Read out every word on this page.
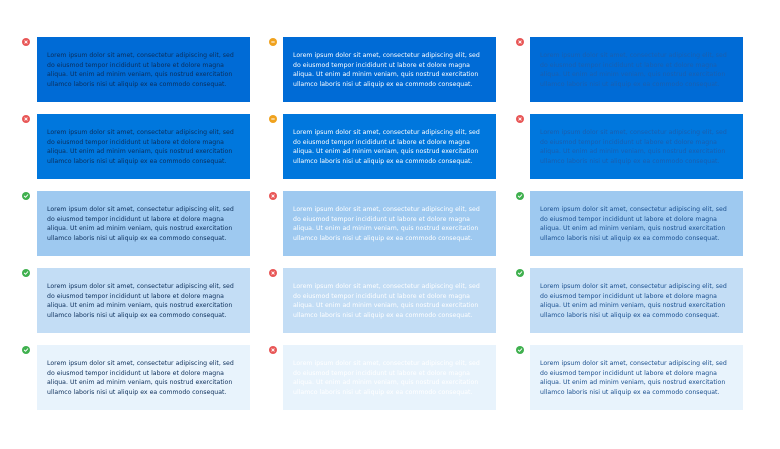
Lorem ipsum dolor sit amet, consectetur adipiscing elit, sed do eiusmod tempor incididunt ut labore et dolore magna aliqua. Ut enim ad minim veniam, quis nostrud exercitation ullamco laboris nisi ut aliquip ex ea commodo consequat.
Lorem ipsum dolor sit amet, consectetur adipiscing elit, sed do eiusmod tempor incididunt ut labore et dolore magna aliqua. Ut enim ad minim veniam, quis nostrud exercitation ullamco laboris nisi ut aliquip ex ea commodo consequat.
Lorem ipsum dolor sit amet, consectetur adipiscing elit, sed do eiusmod tempor incididunt ut labore et dolore magna aliqua. Ut enim ad minim veniam, quis nostrud exercitation ullamco laboris nisi ut aliquip ex ea commodo consequat.
Lorem ipsum dolor sit amet, consectetur adipiscing elit, sed do eiusmod tempor incididunt ut labore et dolore magna aliqua. Ut enim ad minim veniam, quis nostrud exercitation ullamco laboris nisi ut aliquip ex ea commodo consequat.
Lorem ipsum dolor sit amet, consectetur adipiscing elit, sed do eiusmod tempor incididunt ut labore et dolore magna aliqua. Ut enim ad minim veniam, quis nostrud exercitation ullamco laboris nisi ut aliquip ex ea commodo consequat.
Lorem ipsum dolor sit amet, consectetur adipiscing elit, sed do eiusmod tempor incididunt ut labore et dolore magna aliqua. Ut enim ad minim veniam, quis nostrud exercitation ullamco laboris nisi ut aliquip ex ea commodo consequat.
Lorem ipsum dolor sit amet, consectetur adipiscing elit, sed do eiusmod tempor incididunt ut labore et dolore magna aliqua. Ut enim ad minim veniam, quis nostrud exercitation ullamco laboris nisi ut aliquip ex ea commodo consequat.
Lorem ipsum dolor sit amet, consectetur adipiscing elit, sed do eiusmod tempor incididunt ut labore et dolore magna aliqua. Ut enim ad minim veniam, quis nostrud exercitation ullamco laboris nisi ut aliquip ex ea commodo consequat.
Lorem ipsum dolor sit amet, consectetur adipiscing elit, sed do eiusmod tempor incididunt ut labore et dolore magna aliqua. Ut enim ad minim veniam, quis nostrud exercitation ullamco laboris nisi ut aliquip ex ea commodo consequat.
Lorem ipsum dolor sit amet, consectetur adipiscing elit, sed do eiusmod tempor incididunt ut labore et dolore magna aliqua. Ut enim ad minim veniam, quis nostrud exercitation ullamco laboris nisi ut aliquip ex ea commodo consequat.
Lorem ipsum dolor sit amet, consectetur adipiscing elit, sed do eiusmod tempor incididunt ut labore et dolore magna aliqua. Ut enim ad minim veniam, quis nostrud exercitation ullamco laboris nisi ut aliquip ex ea commodo consequat.
Lorem ipsum dolor sit amet, consectetur adipiscing elit, sed do eiusmod tempor incididunt ut labore et dolore magna aliqua. Ut enim ad minim veniam, quis nostrud exercitation ullamco laboris nisi ut aliquip ex ea commodo consequat.
Lorem ipsum dolor sit amet, consectetur adipiscing elit, sed do eiusmod tempor incididunt ut labore et dolore magna aliqua. Ut enim ad minim veniam, quis nostrud exercitation ullamco laboris nisi ut aliquip ex ea commodo consequat.
Lorem ipsum dolor sit amet, consectetur adipiscing elit, sed do eiusmod tempor incididunt ut labore et dolore magna aliqua. Ut enim ad minim veniam, quis nostrud exercitation ullamco laboris nisi ut aliquip ex ea commodo consequat.
Lorem ipsum dolor sit amet, consectetur adipiscing elit, sed do eiusmod tempor incididunt ut labore et dolore magna aliqua. Ut enim ad minim veniam, quis nostrud exercitation ullamco laboris nisi ut aliquip ex ea commodo consequat.
